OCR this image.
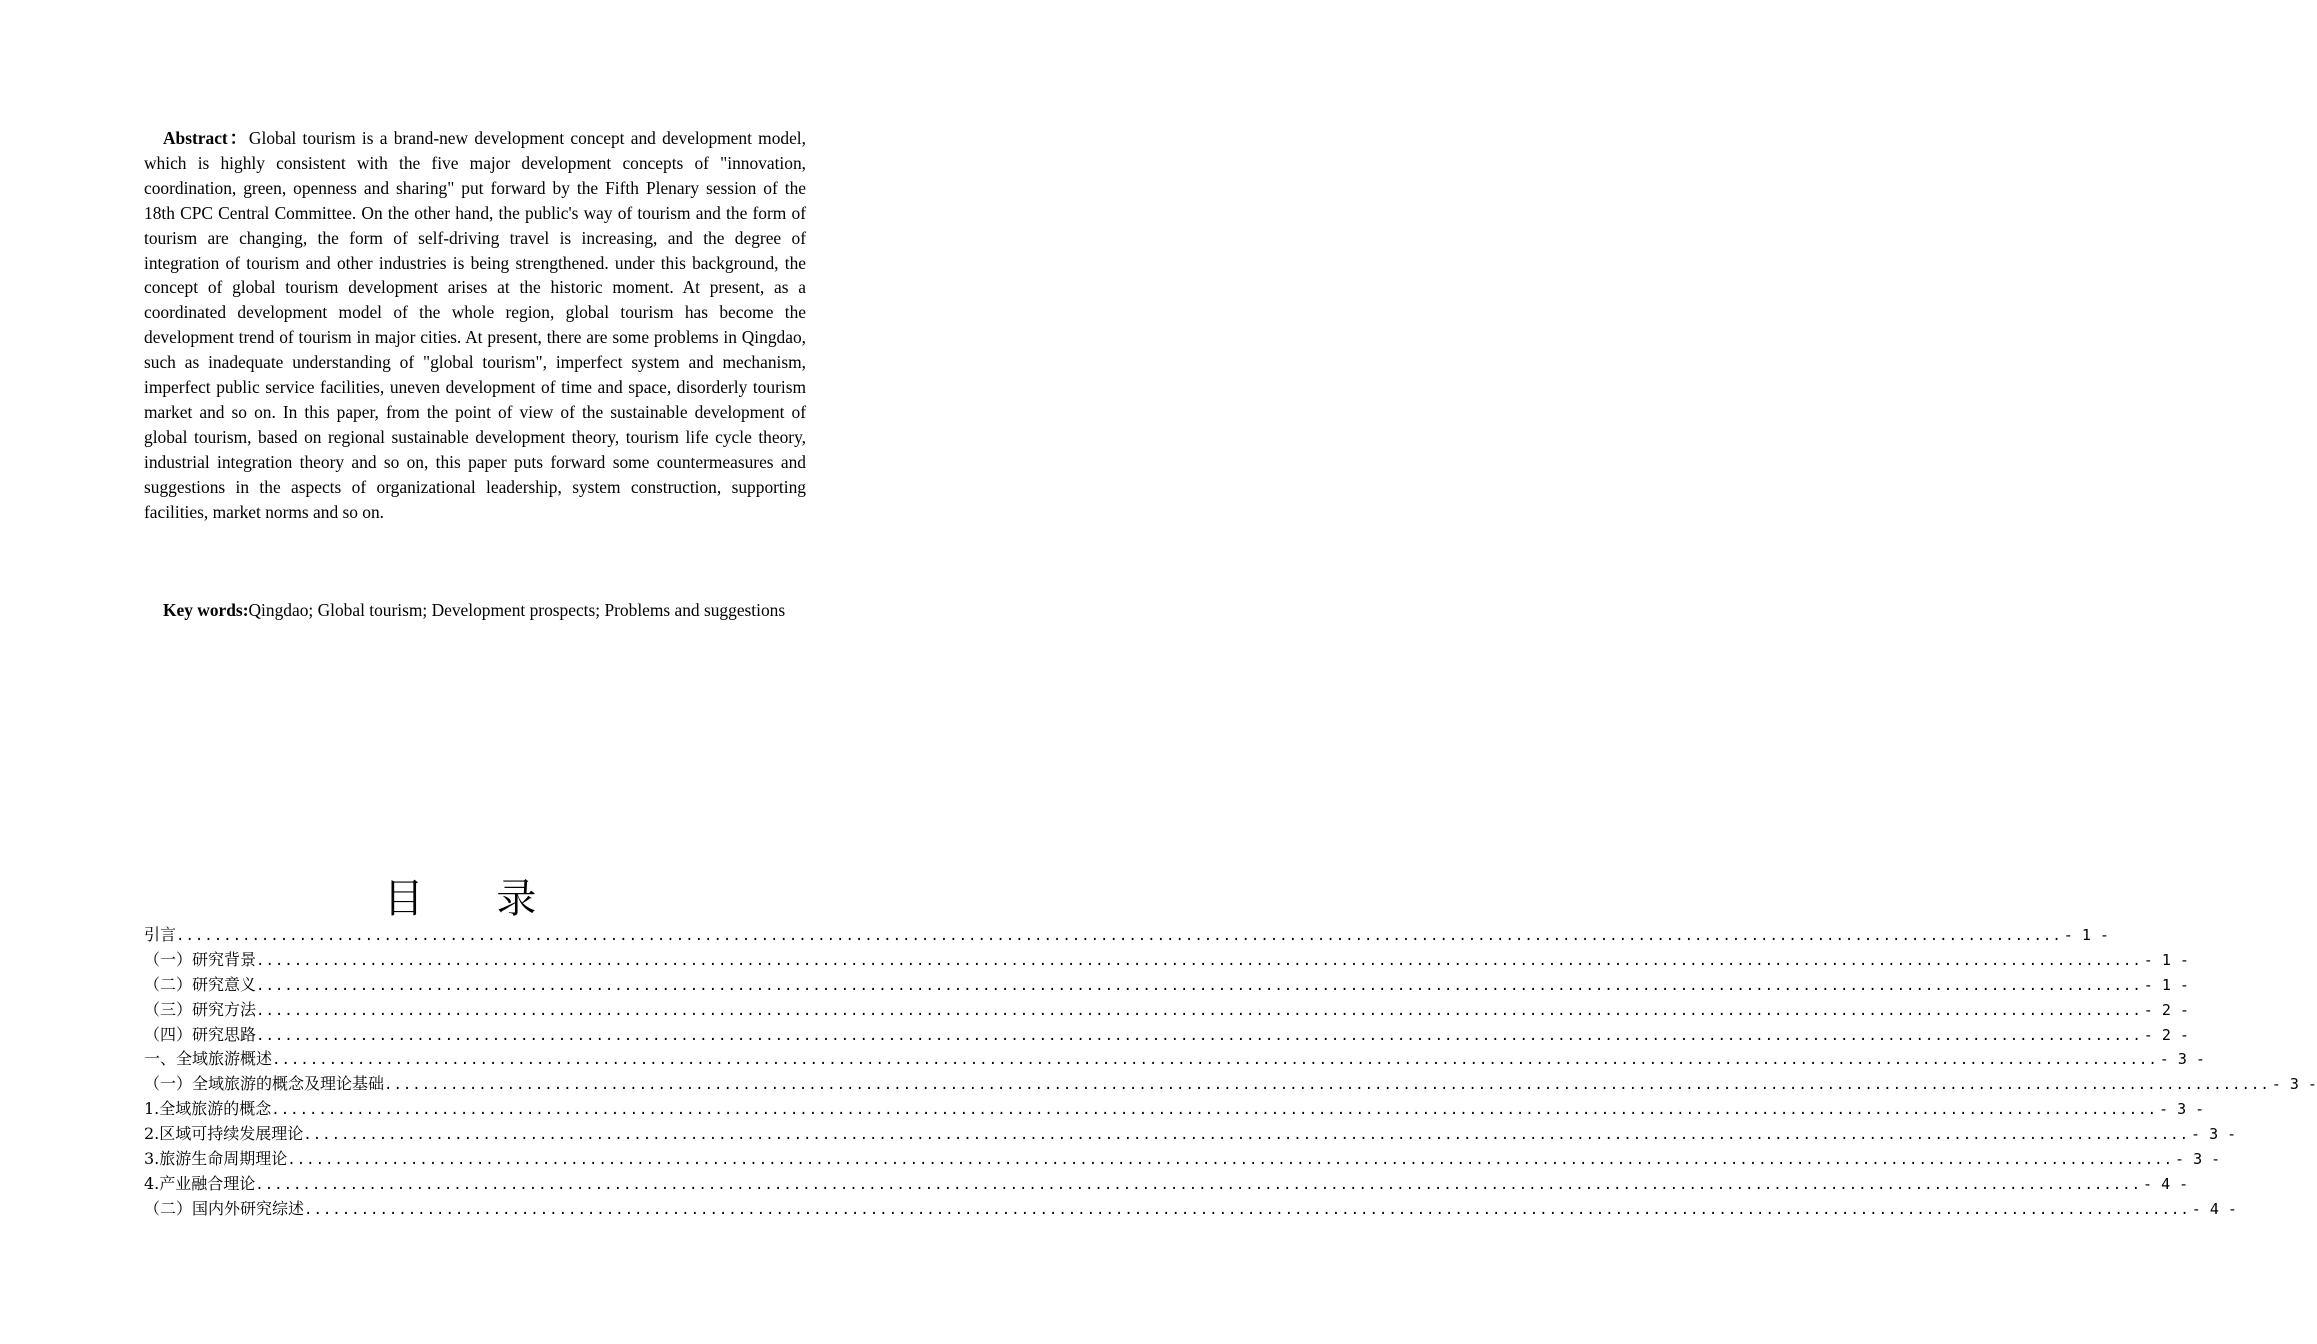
Abstract：Global tourism is a brand-new development concept and development model, which is highly consistent with the five major development concepts of "innovation, coordination, green, openness and sharing" put forward by the Fifth Plenary session of the 18th CPC Central Committee. On the other hand, the public's way of tourism and the form of tourism are changing, the form of self-driving travel is increasing, and the degree of integration of tourism and other industries is being strengthened. under this background, the concept of global tourism development arises at the historic moment. At present, as a coordinated development model of the whole region, global tourism has become the development trend of tourism in major cities. At present, there are some problems in Qingdao, such as inadequate understanding of "global tourism", imperfect system and mechanism, imperfect public service facilities, uneven development of time and space, disorderly tourism market and so on. In this paper, from the point of view of the sustainable development of global tourism, based on regional sustainable development theory, tourism life cycle theory, industrial integration theory and so on, this paper puts forward some countermeasures and suggestions in the aspects of organizational leadership, system construction, supporting facilities, market norms and so on.

Key words:Qingdao; Global tourism; Development prospects; Problems and suggestions

目 录
引言 ........................................................................................................................................................................................................ - 1 -
（一）研究背景 ........................................................................................................................................................................................................ - 1 -
（二）研究意义 ........................................................................................................................................................................................................ - 1 -
（三）研究方法 ........................................................................................................................................................................................................ - 2 -
（四）研究思路 ........................................................................................................................................................................................................ - 2 -
一、全域旅游概述 ........................................................................................................................................................................................................ - 3 -
（一）全域旅游的概念及理论基础 ........................................................................................................................................................................................................ - 3 -
1.全域旅游的概念 ........................................................................................................................................................................................................ - 3 -
2.区域可持续发展理论 ........................................................................................................................................................................................................ - 3 -
3.旅游生命周期理论 ........................................................................................................................................................................................................ - 3 -
4.产业融合理论 ........................................................................................................................................................................................................ - 4 -
（二）国内外研究综述 ........................................................................................................................................................................................................ - 4 -
